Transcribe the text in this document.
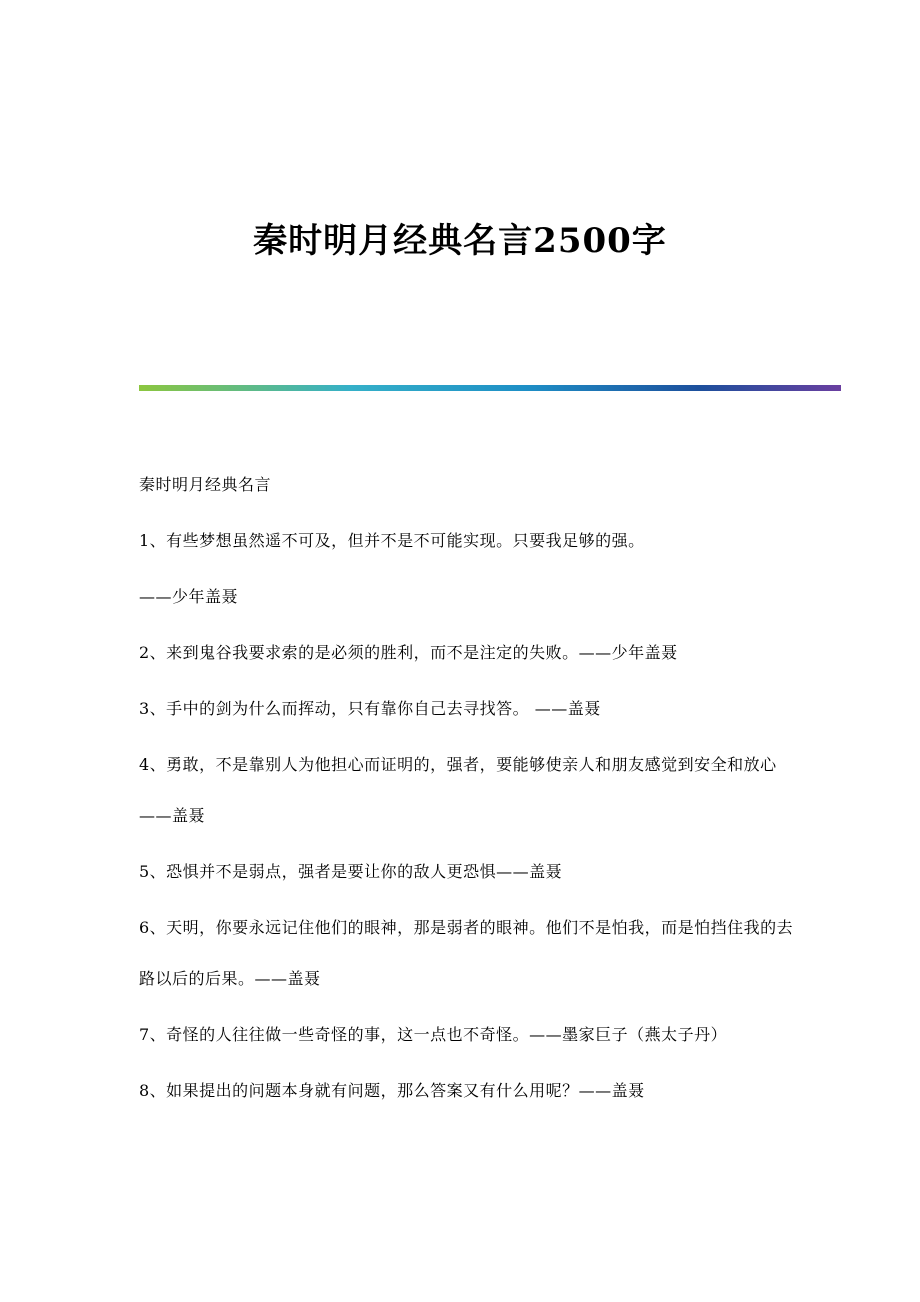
秦时明月经典名言2500字

秦时明月经典名言

1、有些梦想虽然遥不可及，但并不是不可能实现。只要我足够的强。

——少年盖聂

2、来到鬼谷我要求索的是必须的胜利，而不是注定的失败。——少年盖聂

3、手中的剑为什么而挥动，只有靠你自己去寻找答。 ——盖聂

4、勇敢，不是靠别人为他担心而证明的，强者，要能够使亲人和朋友感觉到安全和放心——盖聂

5、恐惧并不是弱点，强者是要让你的敌人更恐惧——盖聂

6、天明，你要永远记住他们的眼神，那是弱者的眼神。他们不是怕我，而是怕挡住我的去路以后的后果。——盖聂

7、奇怪的人往往做一些奇怪的事，这一点也不奇怪。——墨家巨子（燕太子丹）

8、如果提出的问题本身就有问题，那么答案又有什么用呢？——盖聂
